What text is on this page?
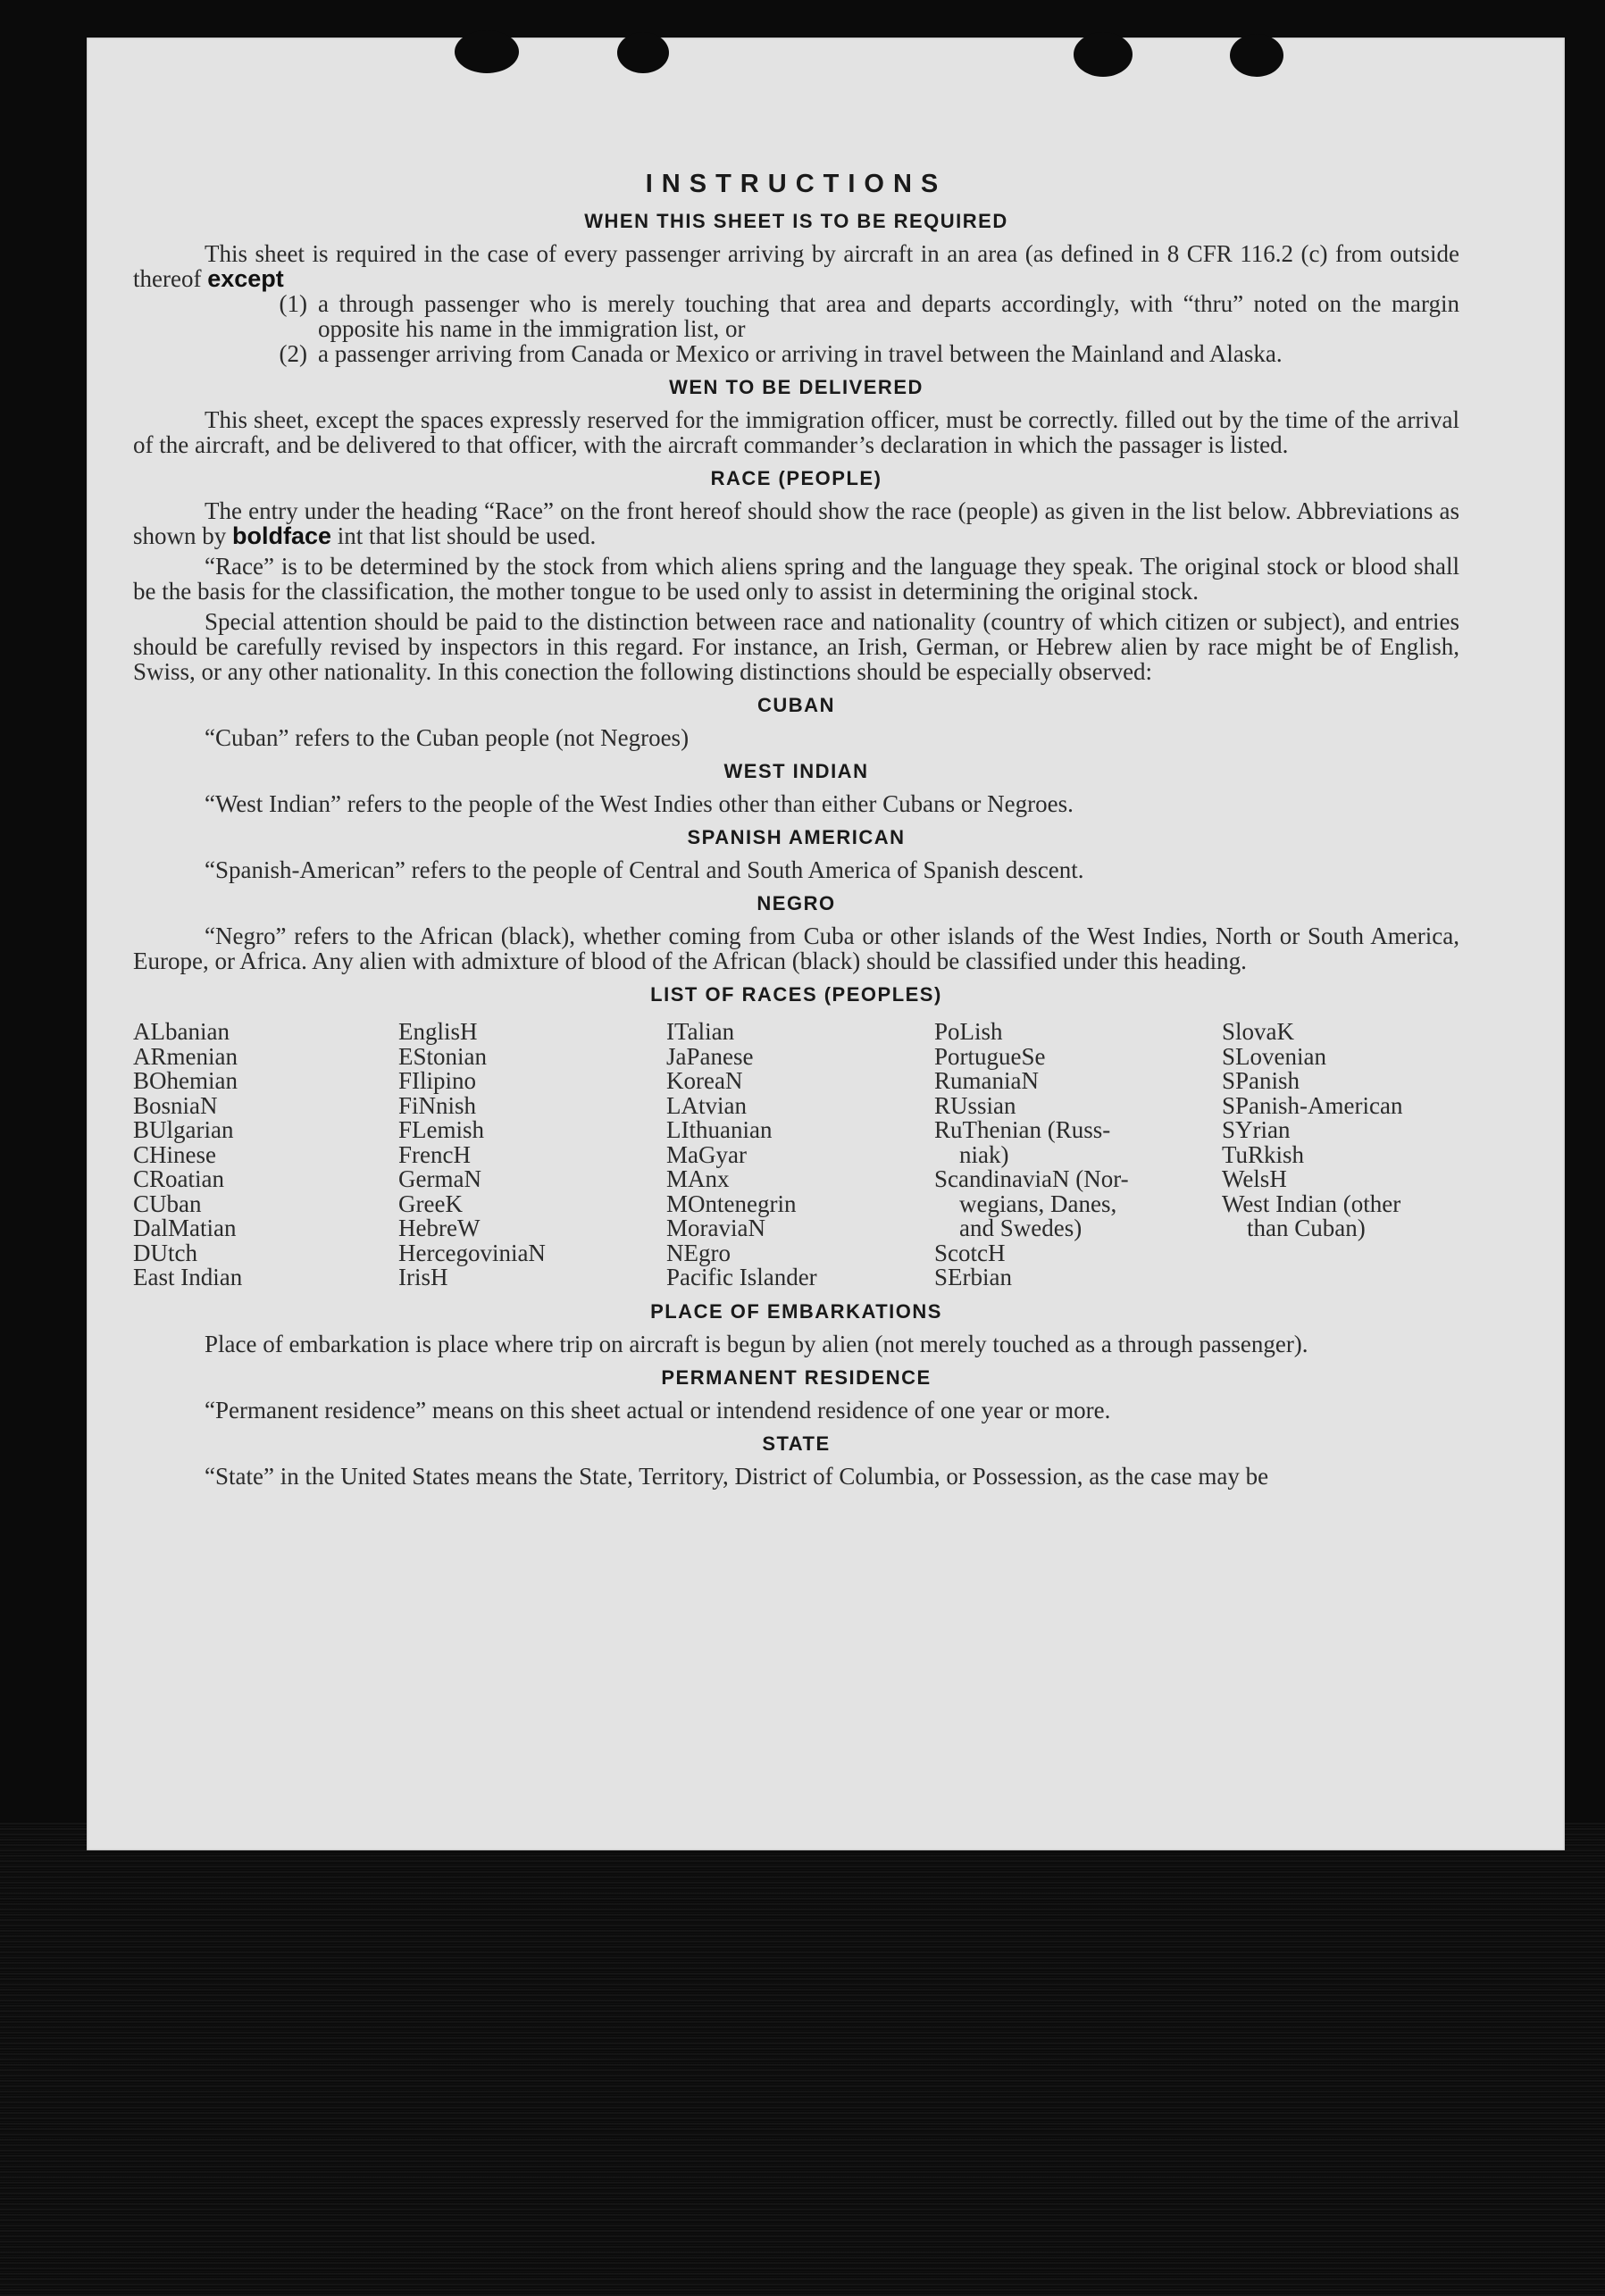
INSTRUCTIONS
WHEN THIS SHEET IS TO BE REQUIRED
This sheet is required in the case of every passenger arriving by aircraft in an area (as defined in 8 CFR 116.2 (c) from outside thereof except
(1) a through passenger who is merely touching that area and departs accordingly, with “thru” noted on the margin opposite his name in the immigration list, or
(2) a passenger arriving from Canada or Mexico or arriving in travel between the Mainland and Alaska.
WEN TO BE DELIVERED
This sheet, except the spaces expressly reserved for the immigration officer, must be correctly. filled out by the time of the arrival of the aircraft, and be delivered to that officer, with the aircraft commander’s declaration in which the passager is listed.
RACE (PEOPLE)
The entry under the heading “Race” on the front hereof should show the race (people) as given in the list below. Abbreviations as shown by boldface int that list should be used.
“Race” is to be determined by the stock from which aliens spring and the language they speak. The original stock or blood shall be the basis for the classification, the mother tongue to be used only to assist in determining the original stock.
Special attention should be paid to the distinction between race and nationality (country of which citizen or subject), and entries should be carefully revised by inspectors in this regard. For instance, an Irish, German, or Hebrew alien by race might be of English, Swiss, or any other nationality. In this conection the following distinctions should be especially observed:
CUBAN
“Cuban” refers to the Cuban people (not Negroes)
WEST INDIAN
“West Indian” refers to the people of the West Indies other than either Cubans or Negroes.
SPANISH AMERICAN
“Spanish-American” refers to the people of Central and South America of Spanish descent.
NEGRO
“Negro” refers to the African (black), whether coming from Cuba or other islands of the West Indies, North or South America, Europe, or Africa. Any alien with admixture of blood of the African (black) should be classified under this heading.
LIST OF RACES (PEOPLES)
ALbanian
ARmenian
BOhemian
BosniaN
BUlgarian
CHinese
CRoatian
CUban
DalMatian
DUtch
East Indian
EnglisH
EStonian
FIlipino
FiNnish
FLemish
FrencH
GermaN
GreeK
HebreW
HercegoviniaN
IrisH
ITalian
JaPanese
KoreaN
LAtvian
LIthuanian
MaGyar
MAnx
MOntenegrin
MoraviaN
NEgro
Pacific Islander
PoLish
PortugueSe
RumaniaN
RUssian
RuThenian (Russ-
niak)
ScandinaviaN (Nor-
wegians, Danes,
and Swedes)
ScotcH
SErbian
SlovaK
SLovenian
SPanish
SPanish-American
SYrian
TuRkish
WelsH
West Indian (other
than Cuban)
PLACE OF EMBARKATIONS
Place of embarkation is place where trip on aircraft is begun by alien (not merely touched as a through passenger).
PERMANENT RESIDENCE
“Permanent residence” means on this sheet actual or intendend residence of one year or more.
STATE
“State” in the United States means the State, Territory, District of Columbia, or Possession, as the case may be
